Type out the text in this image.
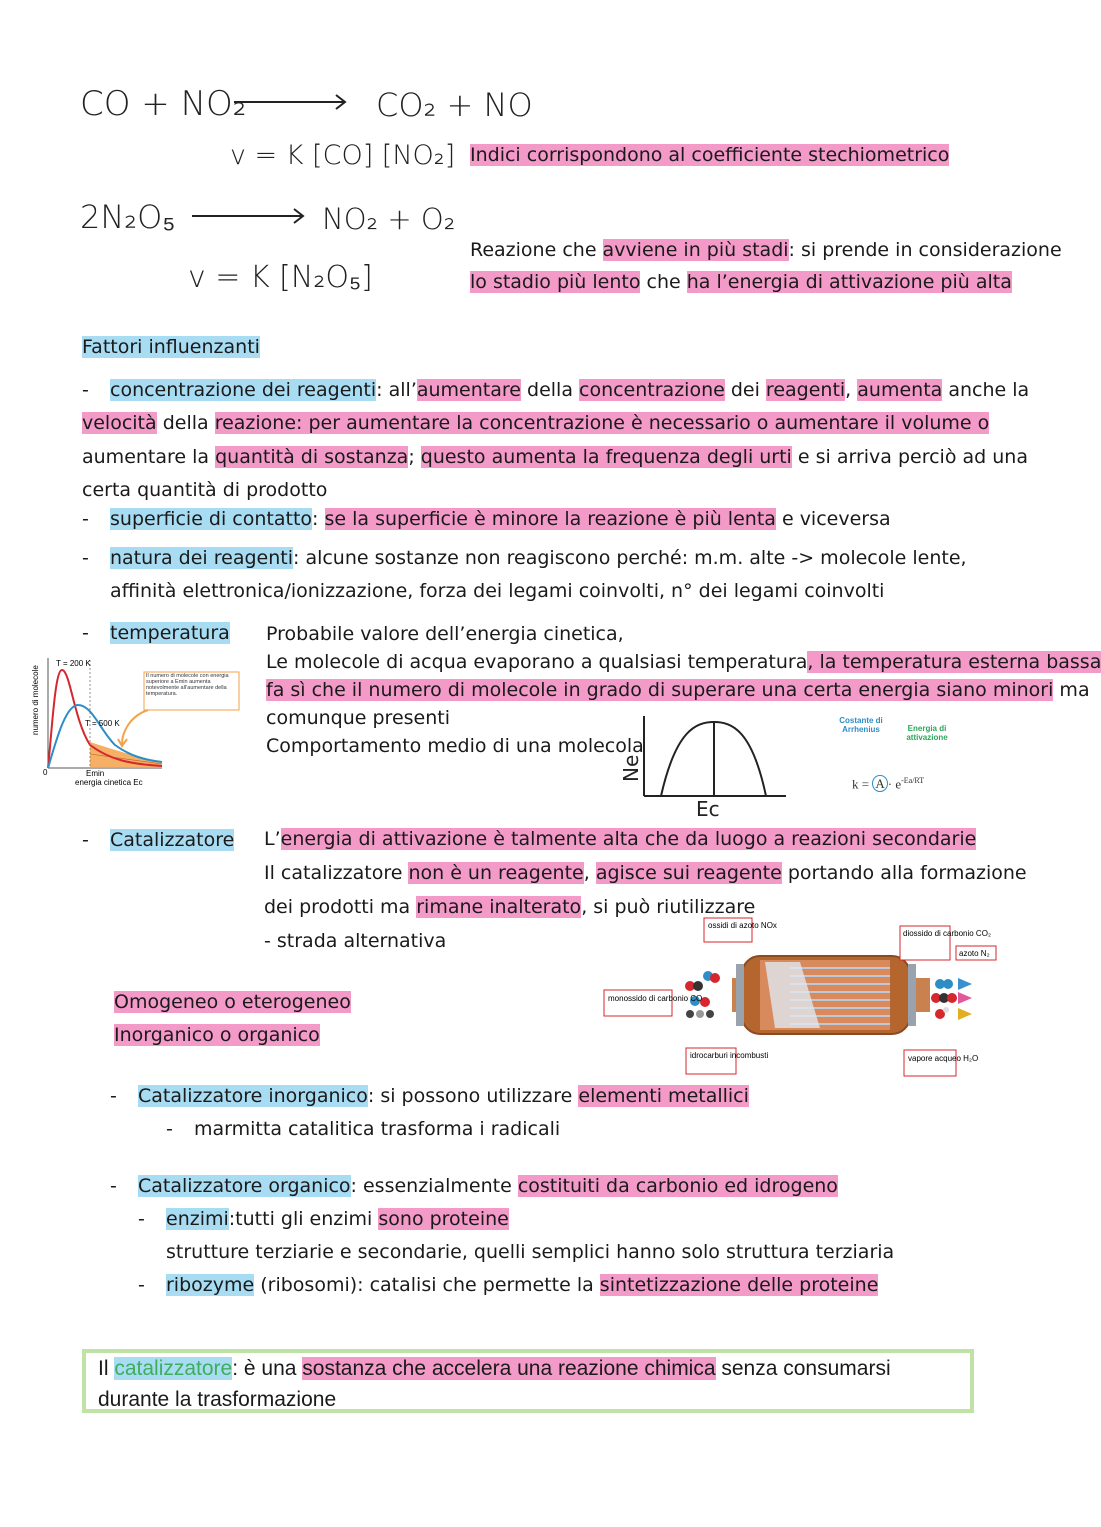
CO + NO₂	CO₂ + NO
v = K [CO] [NO₂]
2N₂O₅	NO₂ + O₂
v = K [N₂O₅]
Indici corrispondono al coefficiente stechiometrico
Reazione che avviene in più stadi: si prende in considerazione
lo stadio più lento che ha l’energia di attivazione più alta
Fattori influenzanti
- concentrazione dei reagenti: all’aumentare della concentrazione dei reagenti, aumenta anche la
velocità della reazione: per aumentare la concentrazione è necessario o aumentare il volume o
aumentare la quantità di sostanza; questo aumenta la frequenza degli urti e si arriva perciò ad una
certa quantità di prodotto
- superficie di contatto: se la superficie è minore la reazione è più lenta e viceversa
- natura dei reagenti: alcune sostanze non reagiscono perché: m.m. alte -> molecole lente,
affinità elettronica/ionizzazione, forza dei legami coinvolti, n° dei legami coinvolti
- temperatura Probabile valore dell’energia cinetica,
Le molecole di acqua evaporano a qualsiasi temperatura, la temperatura esterna bassa
fa sì che il numero di molecole in grado di superare una certa energia siano minori ma
comunque presenti
Comportamento medio di una molecola
T = 200 K
T = 500 K
numero di molecole
0	Emin
energia cinetica Ec
Il numero di molecole con energia superiore a Emin aumenta notevolmente all’aumentare della temperatura.
Ne
Ec
Costante di Arrhenius	Energia di attivazione
$k = A \cdot e^{-Ea/RT}$
- Catalizzatore L’energia di attivazione è talmente alta che da luogo a reazioni secondarie
Il catalizzatore non è un reagente, agisce sui reagente portando alla formazione
dei prodotti ma rimane inalterato, si può riutilizzare
- strada alternativa
monossido di carbonio CO
ossidi di azoto NOx
idrocarburi incombusti
diossido di carbonio CO₂
azoto N₂
vapore acqueo H₂O
Omogeneo o eterogeneo
Inorganico o organico
- Catalizzatore inorganico: si possono utilizzare elementi metallici
- marmitta catalitica trasforma i radicali
- Catalizzatore organico: essenzialmente costituiti da carbonio ed idrogeno
- enzimi:tutti gli enzimi sono proteine
strutture terziarie e secondarie, quelli semplici hanno solo struttura terziaria
- ribozyme (ribosomi): catalisi che permette la sintetizzazione delle proteine
Il catalizzatore: è una sostanza che accelera una reazione chimica senza consumarsi
durante la trasformazione
